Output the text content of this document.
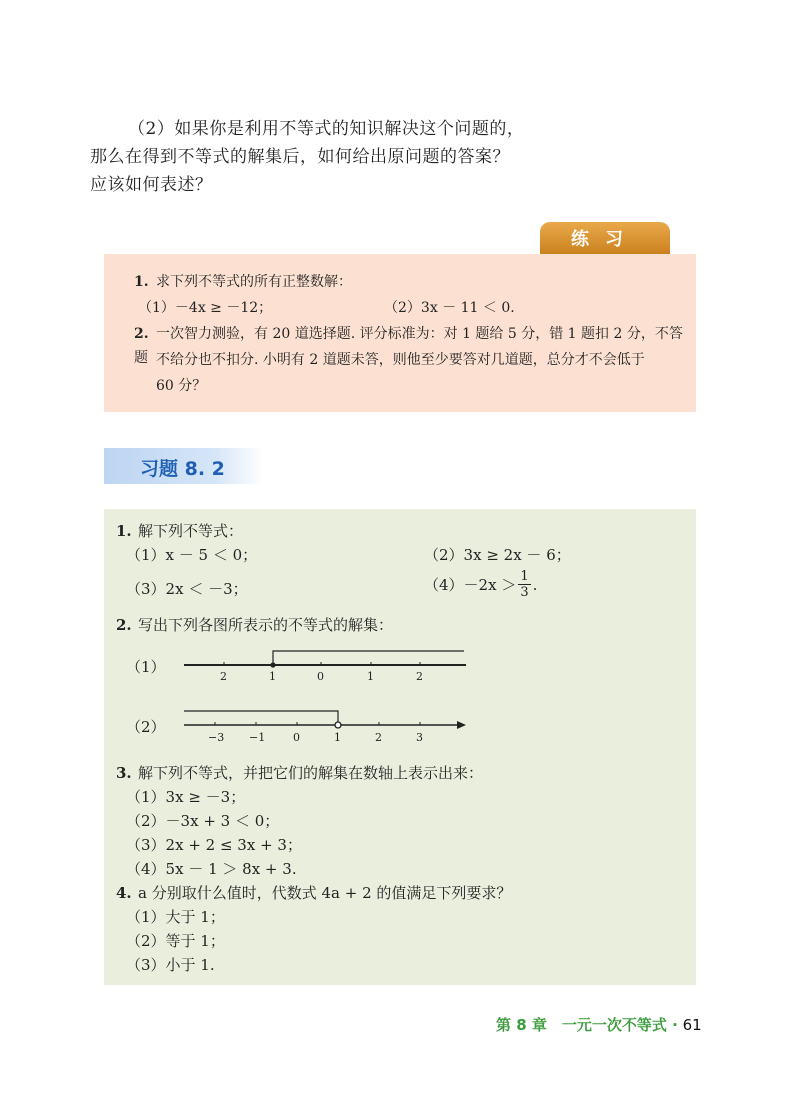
（2）如果你是利用不等式的知识解决这个问题的，

那么在得到不等式的解集后，如何给出原问题的答案？

应该如何表述？

练习
1. 求下列不等式的所有正整数解：
（1）－4x ≥ －12；	（2）3x － 11 ＜ 0.
2. 一次智力测验，有 20 道选择题. 评分标准为：对 1 题给 5 分，错 1 题扣 2 分，不答题 不给分也不扣分. 小明有 2 道题未答，则他至少要答对几道题，总分才不会低于
60 分？
习题 8. 2
1. 解下列不等式：
（1）x － 5 ＜ 0；	（2）3x ≥ 2x － 6；
（3）2x ＜ －3；	$(4)-2x > \frac{1}{3}$ .
2. 写出下列各图所表示的不等式的解集：
（1）
2	1	0	1	2
（2）
−3 −1	0	1	2	3
3. 解下列不等式，并把它们的解集在数轴上表示出来：
（1）3x ≥ －3；
（2）－3x + 3 ＜ 0；
（3）2x + 2 ≤ 3x + 3；
（4）5x － 1 ＞ 8x + 3.
4. a 分别取什么值时，代数式 4a + 2 的值满足下列要求？
（1）大于 1；
（2）等于 1；
（3）小于 1.
第 8 章　一元一次不等式 · 61
